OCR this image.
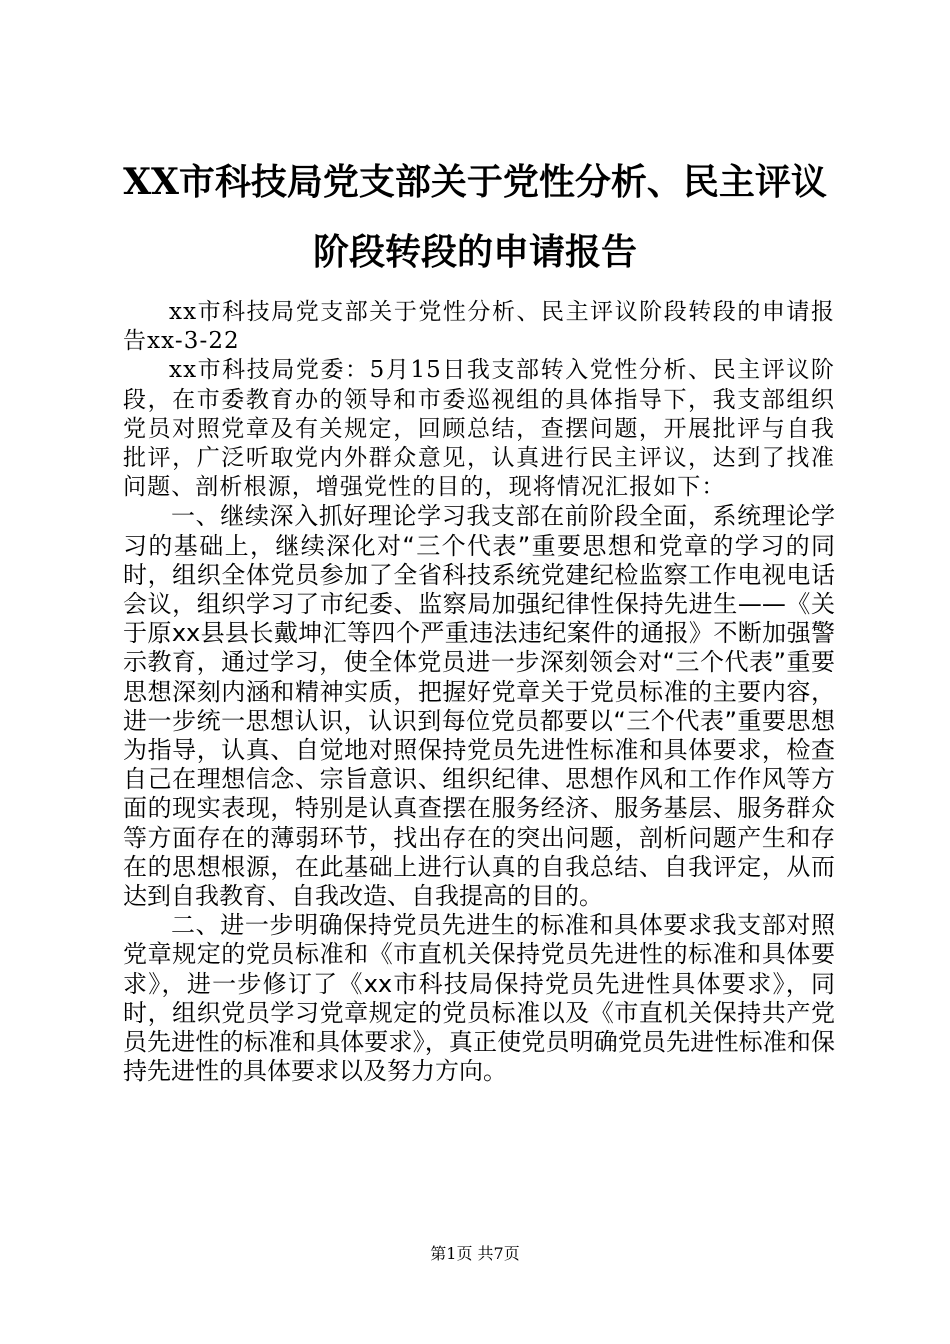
XX市科技局党支部关于党性分析、民主评议
阶段转段的申请报告

xx市科技局党支部关于党性分析、民主评议阶段转段的申请报告xx-3-22

xx市科技局党委：5月15日我支部转入党性分析、民主评议阶段，在市委教育办的领导和市委巡视组的具体指导下，我支部组织党员对照党章及有关规定，回顾总结，查摆问题，开展批评与自我批评，广泛听取党内外群众意见，认真进行民主评议，达到了找准问题、剖析根源，增强党性的目的，现将情况汇报如下：

一、继续深入抓好理论学习我支部在前阶段全面，系统理论学习的基础上，继续深化对“三个代表”重要思想和党章的学习的同时，组织全体党员参加了全省科技系统党建纪检监察工作电视电话会议，组织学习了市纪委、监察局加强纪律性保持先进生——《关于原xx县县长戴坤汇等四个严重违法违纪案件的通报》不断加强警示教育，通过学习，使全体党员进一步深刻领会对“三个代表”重要思想深刻内涵和精神实质，把握好党章关于党员标准的主要内容，进一步统一思想认识，认识到每位党员都要以“三个代表”重要思想为指导，认真、自觉地对照保持党员先进性标准和具体要求，检查自己在理想信念、宗旨意识、组织纪律、思想作风和工作作风等方面的现实表现，特别是认真查摆在服务经济、服务基层、服务群众等方面存在的薄弱环节，找出存在的突出问题，剖析问题产生和存在的思想根源，在此基础上进行认真的自我总结、自我评定，从而达到自我教育、自我改造、自我提高的目的。

二、进一步明确保持党员先进生的标准和具体要求我支部对照党章规定的党员标准和《市直机关保持党员先进性的标准和具体要求》，进一步修订了《xx市科技局保持党员先进性具体要求》，同时，组织党员学习党章规定的党员标准以及《市直机关保持共产党员先进性的标准和具体要求》，真正使党员明确党员先进性标准和保持先进性的具体要求以及努力方向。

第1页 共7页
